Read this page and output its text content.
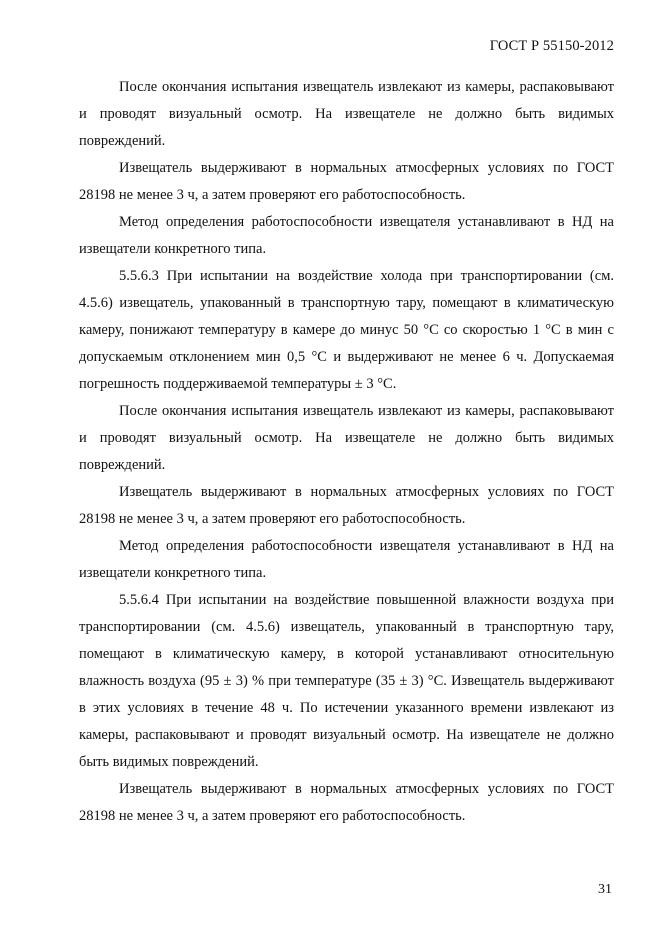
ГОСТ Р 55150-2012

После окончания испытания извещатель извлекают из камеры, распаковывают и проводят визуальный осмотр. На извещателе не должно быть видимых повреждений.

Извещатель выдерживают в нормальных атмосферных условиях по ГОСТ 28198 не менее 3 ч, а затем проверяют его работоспособность.

Метод определения работоспособности извещателя устанавливают в НД на извещатели конкретного типа.

5.5.6.3 При испытании на воздействие холода при транспортировании (см. 4.5.6) извещатель, упакованный в транспортную тару, помещают в климатическую камеру, понижают температуру в камере до минус 50 °С со скоростью 1 °С в мин с допускаемым отклонением мин 0,5 °С и выдерживают не менее 6 ч. Допускаемая погрешность поддерживаемой температуры ± 3 °С.

После окончания испытания извещатель извлекают из камеры, распаковывают и проводят визуальный осмотр. На извещателе не должно быть видимых повреждений.

Извещатель выдерживают в нормальных атмосферных условиях по ГОСТ 28198 не менее 3 ч, а затем проверяют его работоспособность.

Метод определения работоспособности извещателя устанавливают в НД на извещатели конкретного типа.

5.5.6.4 При испытании на воздействие повышенной влажности воздуха при транспортировании (см. 4.5.6) извещатель, упакованный в транспортную тару, помещают в климатическую камеру, в которой устанавливают относительную влажность воздуха (95 ± 3) % при температуре (35 ± 3) °С. Извещатель выдерживают в этих условиях в течение 48 ч. По истечении указанного времени извлекают из камеры, распаковывают и проводят визуальный осмотр. На извещателе не должно быть видимых повреждений.

Извещатель выдерживают в нормальных атмосферных условиях по ГОСТ 28198 не менее 3 ч, а затем проверяют его работоспособность.

31
